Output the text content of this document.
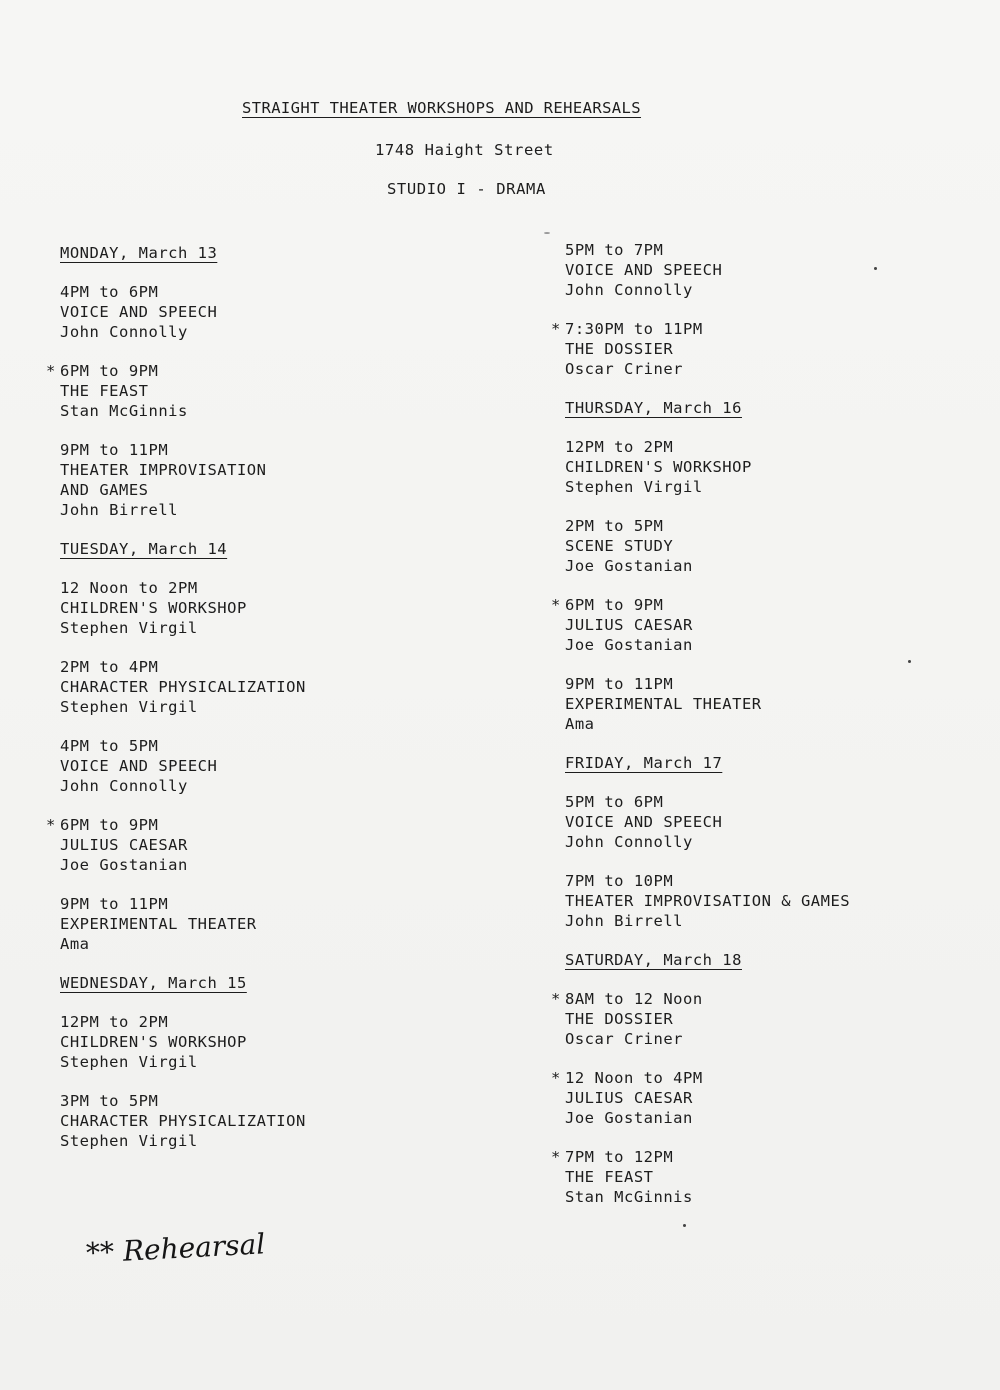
STRAIGHT THEATER WORKSHOPS AND REHEARSALS
1748 Haight Street
STUDIO I - DRAMA
MONDAY, March 13
4PM to 6PM
VOICE AND SPEECH
John Connolly
* 6PM to 9PM
THE FEAST
Stan McGinnis
9PM to 11PM
THEATER IMPROVISATION
AND GAMES
John Birrell
TUESDAY, March 14
12 Noon to 2PM
CHILDREN'S WORKSHOP
Stephen Virgil
2PM to 4PM
CHARACTER PHYSICALIZATION
Stephen Virgil
4PM to 5PM
VOICE AND SPEECH
John Connolly
* 6PM to 9PM
JULIUS CAESAR
Joe Gostanian
9PM to 11PM
EXPERIMENTAL THEATER
Ama
WEDNESDAY, March 15
12PM to 2PM
CHILDREN'S WORKSHOP
Stephen Virgil
3PM to 5PM
CHARACTER PHYSICALIZATION
Stephen Virgil
5PM to 7PM
VOICE AND SPEECH
John Connolly
* 7:30PM to 11PM
THE DOSSIER
Oscar Criner
THURSDAY, March 16
12PM to 2PM
CHILDREN'S WORKSHOP
Stephen Virgil
2PM to 5PM
SCENE STUDY
Joe Gostanian
* 6PM to 9PM
JULIUS CAESAR
Joe Gostanian
9PM to 11PM
EXPERIMENTAL THEATER
Ama
FRIDAY, March 17
5PM to 6PM
VOICE AND SPEECH
John Connolly
7PM to 10PM
THEATER IMPROVISATION & GAMES
John Birrell
SATURDAY, March 18
* 8AM to 12 Noon
THE DOSSIER
Oscar Criner
* 12 Noon to 4PM
JULIUS CAESAR
Joe Gostanian
* 7PM to 12PM
THE FEAST
Stan McGinnis
** Rehearsal
